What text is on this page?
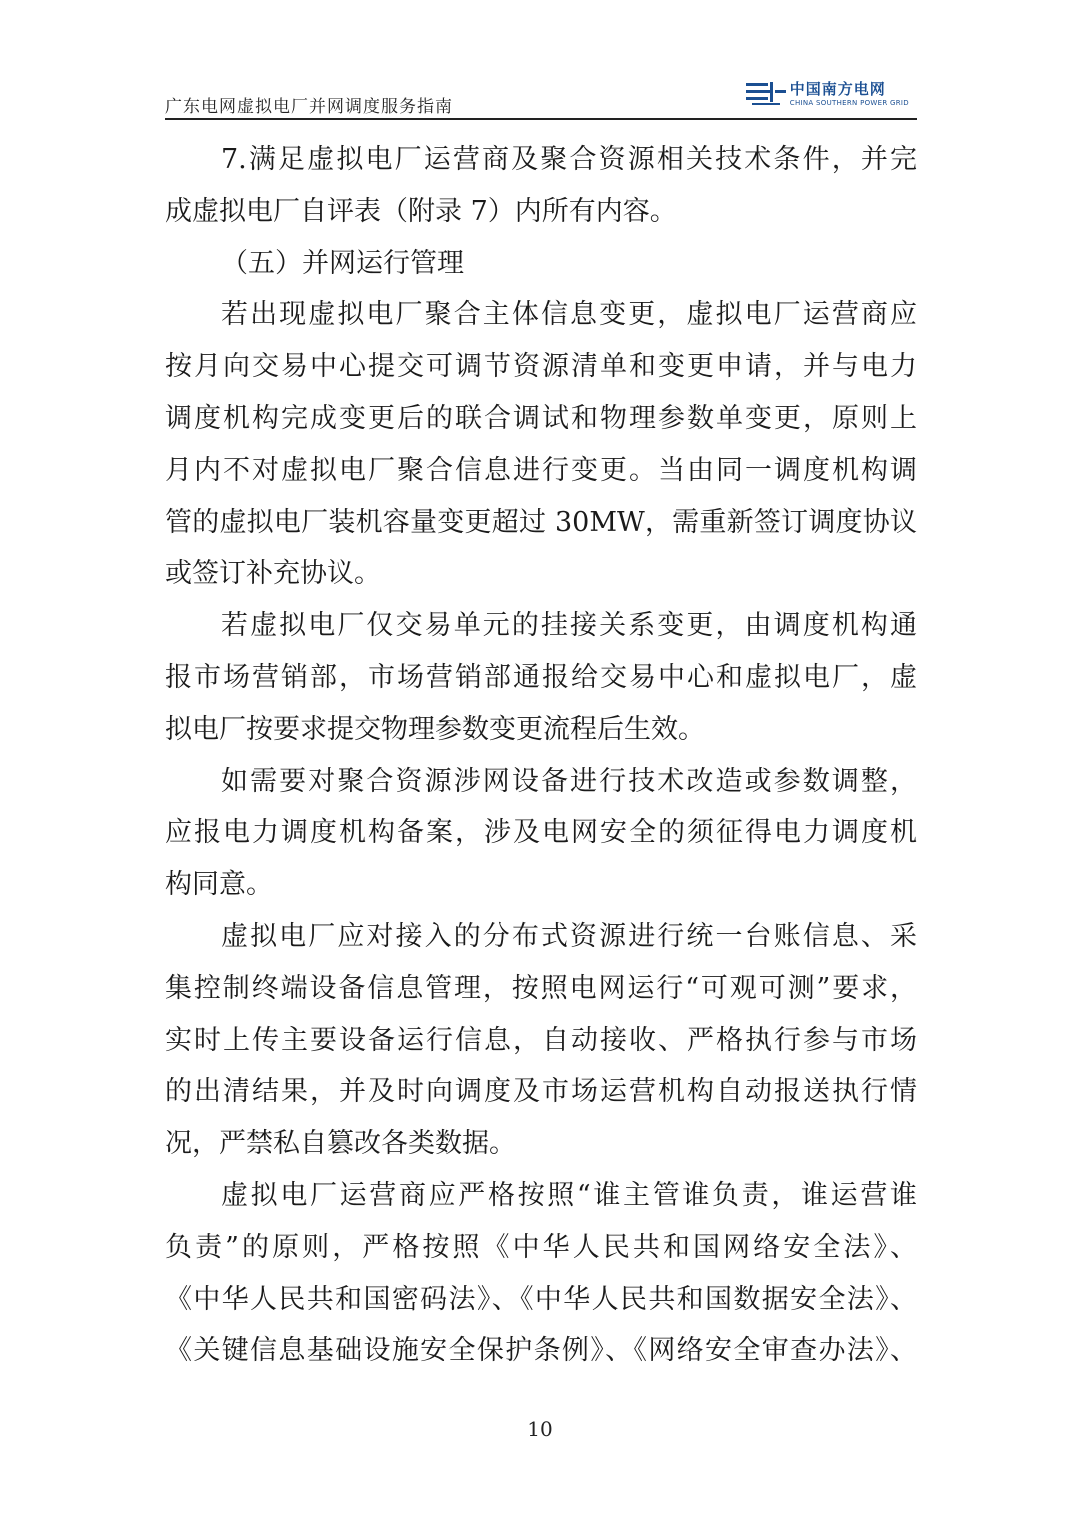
广东电网虚拟电厂并网调度服务指南
中国南方电网
CHINA SOUTHERN POWER GRID
7.满足虚拟电厂运营商及聚合资源相关技术条件，并完
成虚拟电厂自评表（附录 7）内所有内容。
（五）并网运行管理
若出现虚拟电厂聚合主体信息变更，虚拟电厂运营商应
按月向交易中心提交可调节资源清单和变更申请，并与电力
调度机构完成变更后的联合调试和物理参数单变更，原则上
月内不对虚拟电厂聚合信息进行变更。当由同一调度机构调
管的虚拟电厂装机容量变更超过 30MW，需重新签订调度协议
或签订补充协议。
若虚拟电厂仅交易单元的挂接关系变更，由调度机构通
报市场营销部，市场营销部通报给交易中心和虚拟电厂，虚
拟电厂按要求提交物理参数变更流程后生效。
如需要对聚合资源涉网设备进行技术改造或参数调整，
应报电力调度机构备案，涉及电网安全的须征得电力调度机
构同意。
虚拟电厂应对接入的分布式资源进行统一台账信息、采
集控制终端设备信息管理，按照电网运行“可观可测”要求，
实时上传主要设备运行信息，自动接收、严格执行参与市场
的出清结果，并及时向调度及市场运营机构自动报送执行情
况，严禁私自篡改各类数据。
虚拟电厂运营商应严格按照“谁主管谁负责，谁运营谁
负责”的原则，严格按照《中华人民共和国网络安全法》、
《中华人民共和国密码法》、《中华人民共和国数据安全法》、
《关键信息基础设施安全保护条例》、《网络安全审查办法》、
10
